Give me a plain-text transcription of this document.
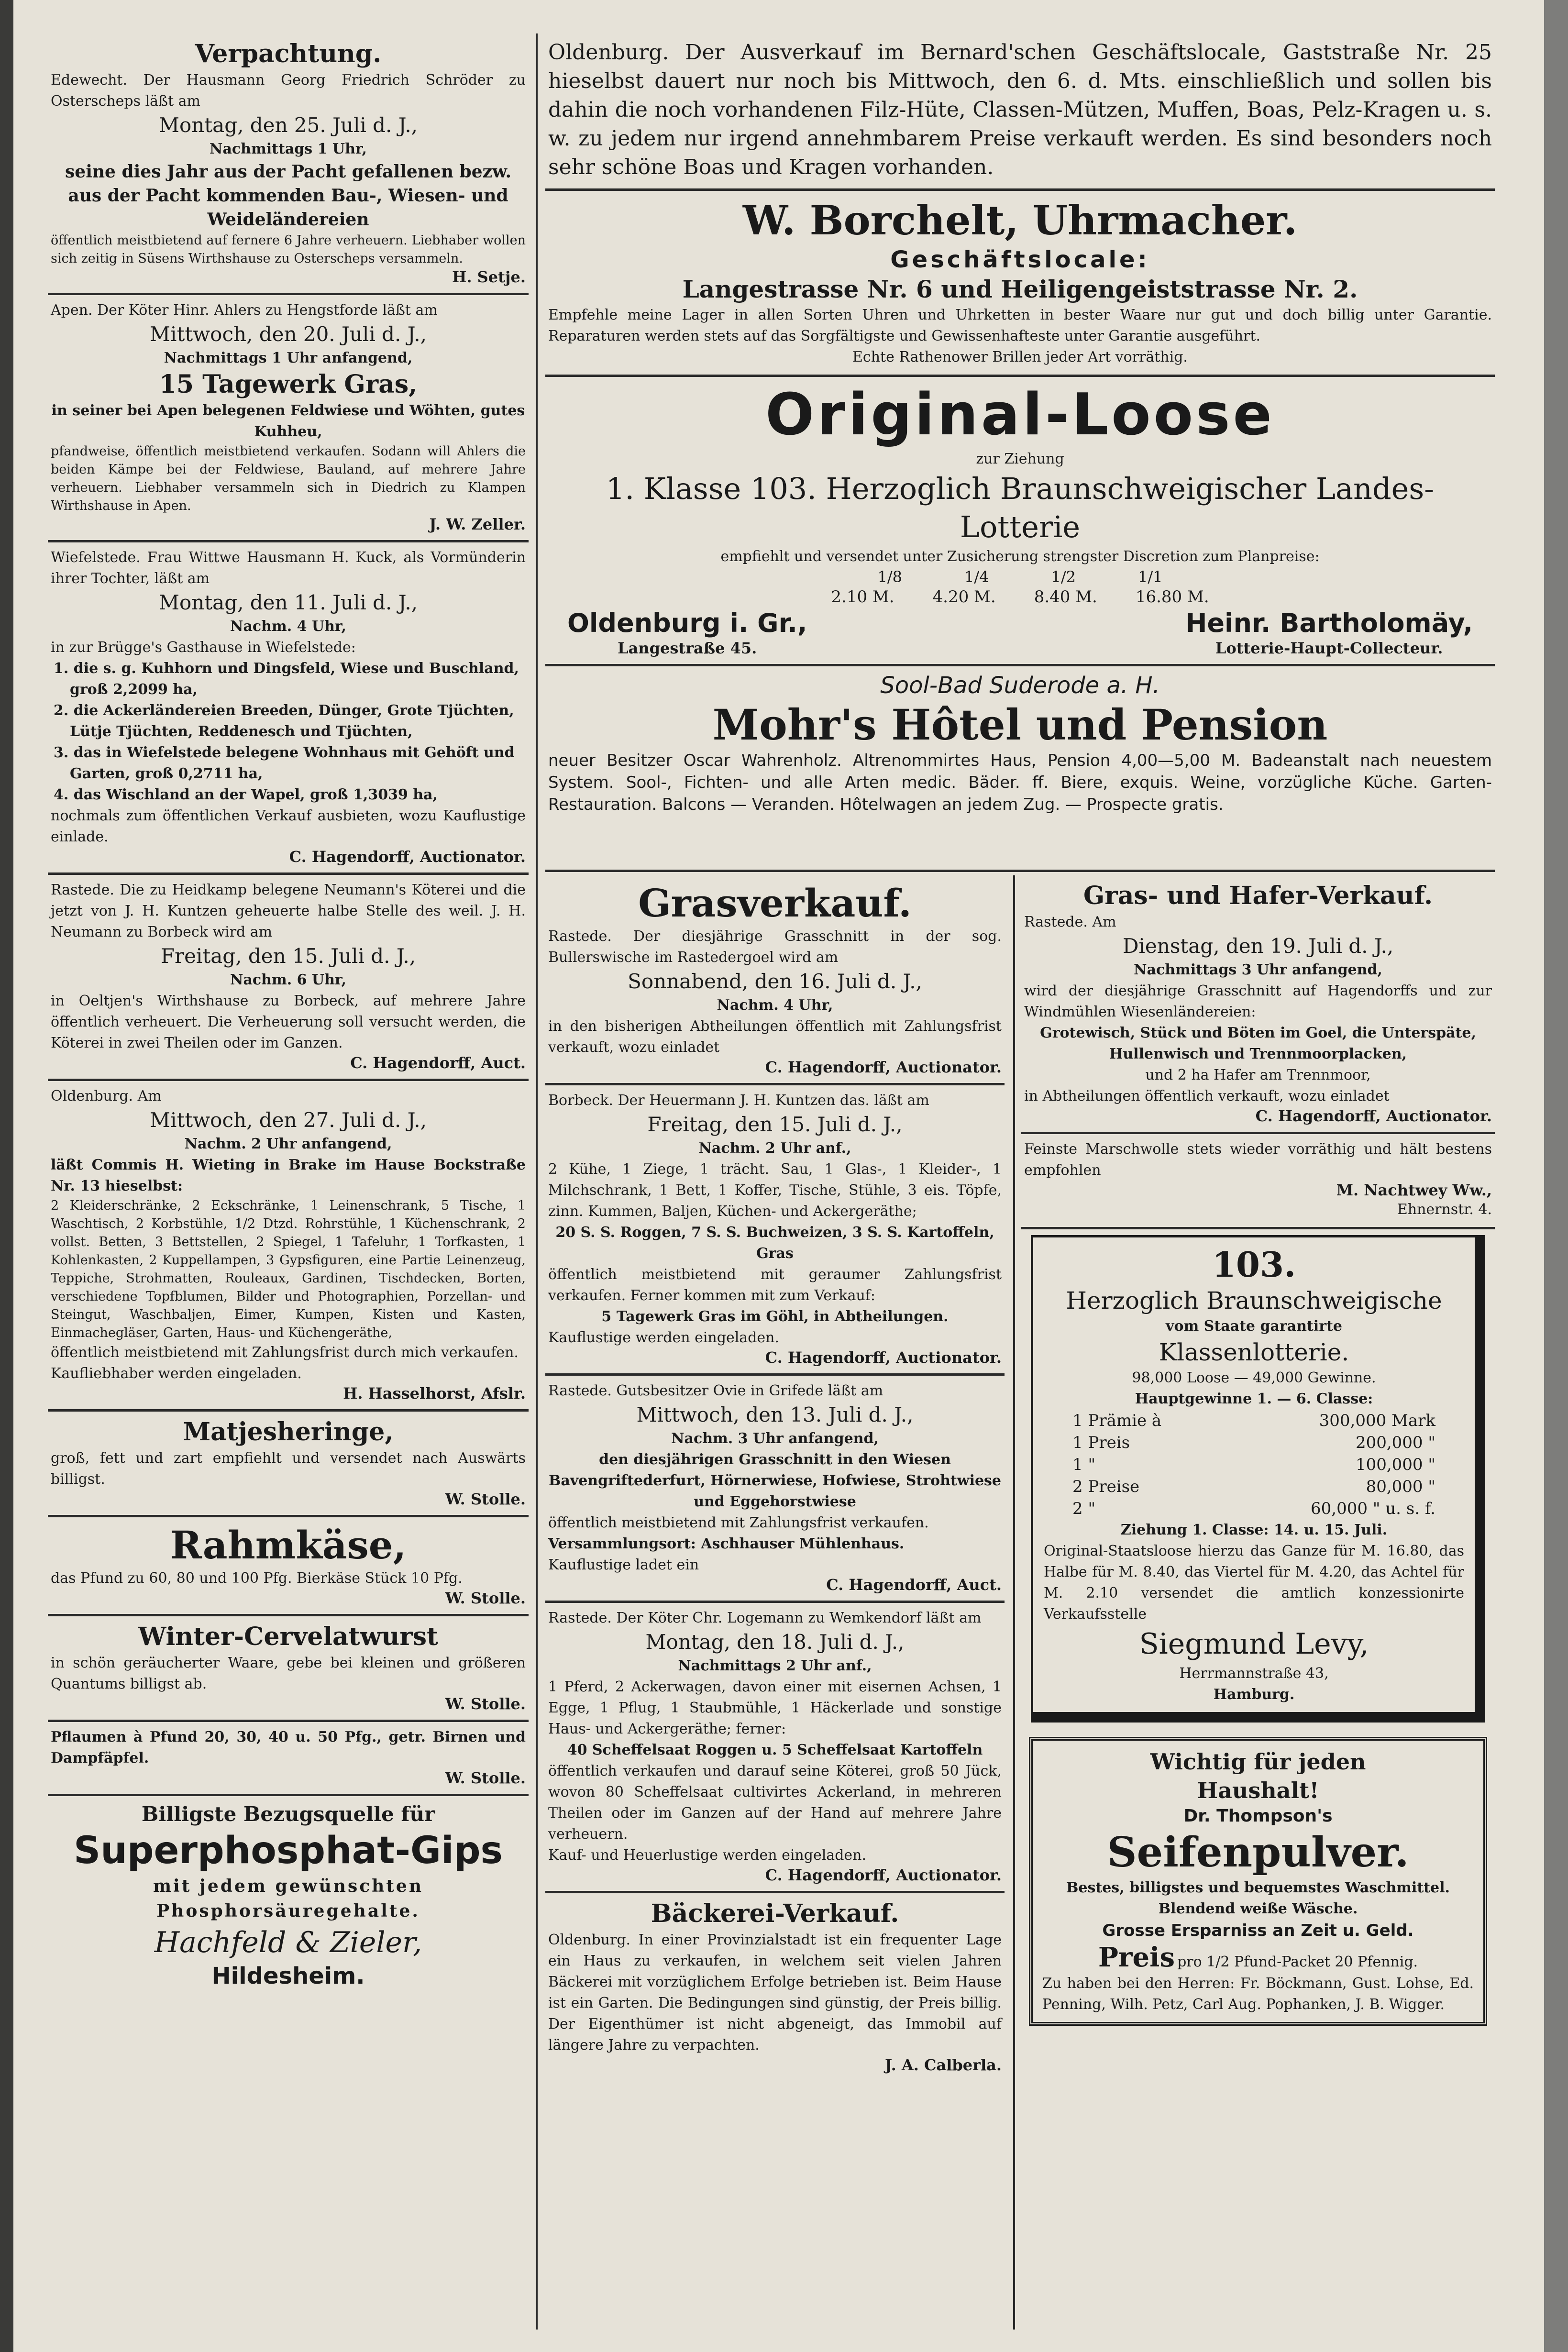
Verpachtung.
Edewecht. Der Hausmann Georg Friedrich Schröder zu Osterscheps läßt am
Montag, den 25. Juli d. J.,
Nachmittags 1 Uhr,
seine dies Jahr aus der Pacht gefallenen bezw. aus der Pacht kommenden Bau-, Wiesen- und Weideländereien
öffentlich meistbietend auf fernere 6 Jahre verheuern. Liebhaber wollen sich zeitig in Süsens Wirthshause zu Osterscheps versammeln.
H. Setje.
Apen. Der Köter Hinr. Ahlers zu Hengstforde läßt am
Mittwoch, den 20. Juli d. J.,
Nachmittags 1 Uhr anfangend,
15 Tagewerk Gras,
in seiner bei Apen belegenen Feldwiese und Wöhten, gutes Kuhheu,
pfandweise, öffentlich meistbietend verkaufen. Sodann will Ahlers die beiden Kämpe bei der Feldwiese, Bauland, auf mehrere Jahre verheuern. Liebhaber versammeln sich in Diedrich zu Klampen Wirthshause in Apen.
J. W. Zeller.
Wiefelstede. Frau Wittwe Hausmann H. Kuck, als Vormünderin ihrer Tochter, läßt am
Montag, den 11. Juli d. J.,
Nachm. 4 Uhr,
in zur Brügge's Gasthause in Wiefelstede:
1. die s. g. Kuhhorn und Dingsfeld, Wiese und Buschland, groß 2,2099 ha,
2. die Ackerländereien Breeden, Dünger, Grote Tjüchten, Lütje Tjüchten, Reddenesch und Tjüchten,
3. das in Wiefelstede belegene Wohnhaus mit Gehöft und Garten, groß 0,2711 ha,
4. das Wischland an der Wapel, groß 1,3039 ha,
nochmals zum öffentlichen Verkauf ausbieten, wozu Kauflustige einlade.
C. Hagendorff, Auctionator.
Rastede. Die zu Heidkamp belegene Neumann's Köterei und die jetzt von J. H. Kuntzen geheuerte halbe Stelle des weil. J. H. Neumann zu Borbeck wird am
Freitag, den 15. Juli d. J.,
Nachm. 6 Uhr,
in Oeltjen's Wirthshause zu Borbeck, auf mehrere Jahre öffentlich verheuert. Die Verheuerung soll versucht werden, die Köterei in zwei Theilen oder im Ganzen.
C. Hagendorff, Auct.
Oldenburg. Am
Mittwoch, den 27. Juli d. J.,
Nachm. 2 Uhr anfangend,
läßt Commis H. Wieting in Brake im Hause Bockstraße Nr. 13 hieselbst:
2 Kleiderschränke, 2 Eckschränke, 1 Leinenschrank, 5 Tische, 1 Waschtisch, 2 Korbstühle, 1/2 Dtzd. Rohrstühle, 1 Küchenschrank, 2 vollst. Betten, 3 Bettstellen, 2 Spiegel, 1 Tafeluhr, 1 Torfkasten, 1 Kohlenkasten, 2 Kuppellampen, 3 Gypsfiguren, eine Partie Leinenzeug, Teppiche, Strohmatten, Rouleaux, Gardinen, Tischdecken, Borten, verschiedene Topfblumen, Bilder und Photographien, Porzellan- und Steingut, Waschbaljen, Eimer, Kumpen, Kisten und Kasten, Einmachegläser, Garten, Haus- und Küchengeräthe,
öffentlich meistbietend mit Zahlungsfrist durch mich verkaufen.
Kaufliebhaber werden eingeladen.
H. Hasselhorst, Afslr.
Matjesheringe,
groß, fett und zart empfiehlt und versendet nach Auswärts billigst.
W. Stolle.
Rahmkäse,
das Pfund zu 60, 80 und 100 Pfg. Bierkäse Stück 10 Pfg.
W. Stolle.
Winter-Cervelatwurst
in schön geräucherter Waare, gebe bei kleinen und größeren Quantums billigst ab.
W. Stolle.
Pflaumen à Pfund 20, 30, 40 u. 50 Pfg., getr. Birnen und Dampfäpfel.
W. Stolle.
Billigste Bezugsquelle für
Superphosphat-Gips
mit jedem gewünschten Phosphorsäuregehalte.
Hachfeld & Zieler,
Hildesheim.
Oldenburg. Der Ausverkauf im Bernard'schen Geschäftslocale, Gaststraße Nr. 25 hieselbst dauert nur noch bis Mittwoch, den 6. d. Mts. einschließlich und sollen bis dahin die noch vorhandenen Filz-Hüte, Classen-Mützen, Muffen, Boas, Pelz-Kragen u. s. w. zu jedem nur irgend annehmbarem Preise verkauft werden. Es sind besonders noch sehr schöne Boas und Kragen vorhanden.
W. Borchelt, Uhrmacher.
Geschäftslocale:
Langestrasse Nr. 6 und Heiligengeiststrasse Nr. 2.
Empfehle meine Lager in allen Sorten Uhren und Uhrketten in bester Waare nur gut und doch billig unter Garantie. Reparaturen werden stets auf das Sorgfältigste und Gewissenhafteste unter Garantie ausgeführt.
Echte Rathenower Brillen jeder Art vorräthig.
Original-Loose
zur Ziehung
1. Klasse 103. Herzoglich Braunschweigischer Landes-Lotterie
empfiehlt und versendet unter Zusicherung strengster Discretion zum Planpreise:
1/8	1/4	1/2	1/1
2.10 M. 4.20 M. 8.40 M. 16.80 M.
Oldenburg i. Gr.,
Langestraße 45.
Heinr. Bartholomäy,
Lotterie-Haupt-Collecteur.
Sool-Bad Suderode a. H.
Mohr's Hôtel und Pension
neuer Besitzer Oscar Wahrenholz. Altrenommirtes Haus, Pension 4,00—5,00 M. Badeanstalt nach neuestem System. Sool-, Fichten- und alle Arten medic. Bäder. ff. Biere, exquis. Weine, vorzügliche Küche. Garten-Restauration. Balcons — Veranden. Hôtelwagen an jedem Zug. — Prospecte gratis.
Grasverkauf.
Rastede. Der diesjährige Grasschnitt in der sog. Bullerswische im Rastedergoel wird am
Sonnabend, den 16. Juli d. J.,
Nachm. 4 Uhr,
in den bisherigen Abtheilungen öffentlich mit Zahlungsfrist verkauft, wozu einladet
C. Hagendorff, Auctionator.
Borbeck. Der Heuermann J. H. Kuntzen das. läßt am
Freitag, den 15. Juli d. J.,
Nachm. 2 Uhr anf.,
2 Kühe, 1 Ziege, 1 trächt. Sau, 1 Glas-, 1 Kleider-, 1 Milchschrank, 1 Bett, 1 Koffer, Tische, Stühle, 3 eis. Töpfe, zinn. Kummen, Baljen, Küchen- und Ackergeräthe;
20 S. S. Roggen, 7 S. S. Buchweizen, 3 S. S. Kartoffeln, Gras
öffentlich meistbietend mit geraumer Zahlungsfrist verkaufen. Ferner kommen mit zum Verkauf:
5 Tagewerk Gras im Göhl, in Abtheilungen.
Kauflustige werden eingeladen.
C. Hagendorff, Auctionator.
Rastede. Gutsbesitzer Ovie in Grifede läßt am
Mittwoch, den 13. Juli d. J.,
Nachm. 3 Uhr anfangend,
den diesjährigen Grasschnitt in den Wiesen Bavengriftederfurt, Hörnerwiese, Hofwiese, Strohtwiese und Eggehorstwiese
öffentlich meistbietend mit Zahlungsfrist verkaufen.
Versammlungsort: Aschhauser Mühlenhaus.
Kauflustige ladet ein
C. Hagendorff, Auct.
Rastede. Der Köter Chr. Logemann zu Wemkendorf läßt am
Montag, den 18. Juli d. J.,
Nachmittags 2 Uhr anf.,
1 Pferd, 2 Ackerwagen, davon einer mit eisernen Achsen, 1 Egge, 1 Pflug, 1 Staubmühle, 1 Häckerlade und sonstige Haus- und Ackergeräthe; ferner:
40 Scheffelsaat Roggen u. 5 Scheffelsaat Kartoffeln
öffentlich verkaufen und darauf seine Köterei, groß 50 Jück, wovon 80 Scheffelsaat cultivirtes Ackerland, in mehreren Theilen oder im Ganzen auf der Hand auf mehrere Jahre verheuern.
Kauf- und Heuerlustige werden eingeladen.
C. Hagendorff, Auctionator.
Bäckerei-Verkauf.
Oldenburg. In einer Provinzialstadt ist ein frequenter Lage ein Haus zu verkaufen, in welchem seit vielen Jahren Bäckerei mit vorzüglichem Erfolge betrieben ist. Beim Hause ist ein Garten. Die Bedingungen sind günstig, der Preis billig. Der Eigenthümer ist nicht abgeneigt, das Immobil auf längere Jahre zu verpachten.
J. A. Calberla.
Gras- und Hafer-Verkauf.
Rastede. Am
Dienstag, den 19. Juli d. J.,
Nachmittags 3 Uhr anfangend,
wird der diesjährige Grasschnitt auf Hagendorffs und zur Windmühlen Wiesenländereien:
Grotewisch, Stück und Böten im Goel, die Unterspäte, Hullenwisch und Trennmoorplacken,
und 2 ha Hafer am Trennmoor,
in Abtheilungen öffentlich verkauft, wozu einladet
C. Hagendorff, Auctionator.
Feinste Marschwolle stets wieder vorräthig und hält bestens empfohlen
M. Nachtwey Ww.,
Ehnernstr. 4.
103.
Herzoglich Braunschweigische
vom Staate garantirte
Klassenlotterie.
98,000 Loose — 49,000 Gewinne.
Hauptgewinne 1. — 6. Classe:
1 Prämie à	300,000 Mark
1 Preis	200,000 "
1 "	100,000 "
2 Preise	80,000 "
2 "	60,000 " u. s. f.
Ziehung 1. Classe: 14. u. 15. Juli.
Original-Staatsloose hierzu das Ganze für M. 16.80, das Halbe für M. 8.40, das Viertel für M. 4.20, das Achtel für M. 2.10 versendet die amtlich konzessionirte Verkaufsstelle
Siegmund Levy,
Herrmannstraße 43,
Hamburg.
Wichtig für jeden
Haushalt!
Dr. Thompson's
Seifenpulver.
Bestes, billigstes und bequemstes Waschmittel.
Blendend weiße Wäsche.
Grosse Ersparniss an Zeit u. Geld.
Preis pro 1/2 Pfund-Packet 20 Pfennig.
Zu haben bei den Herren: Fr. Böckmann, Gust. Lohse, Ed. Penning, Wilh. Petz, Carl Aug. Pophanken, J. B. Wigger.
